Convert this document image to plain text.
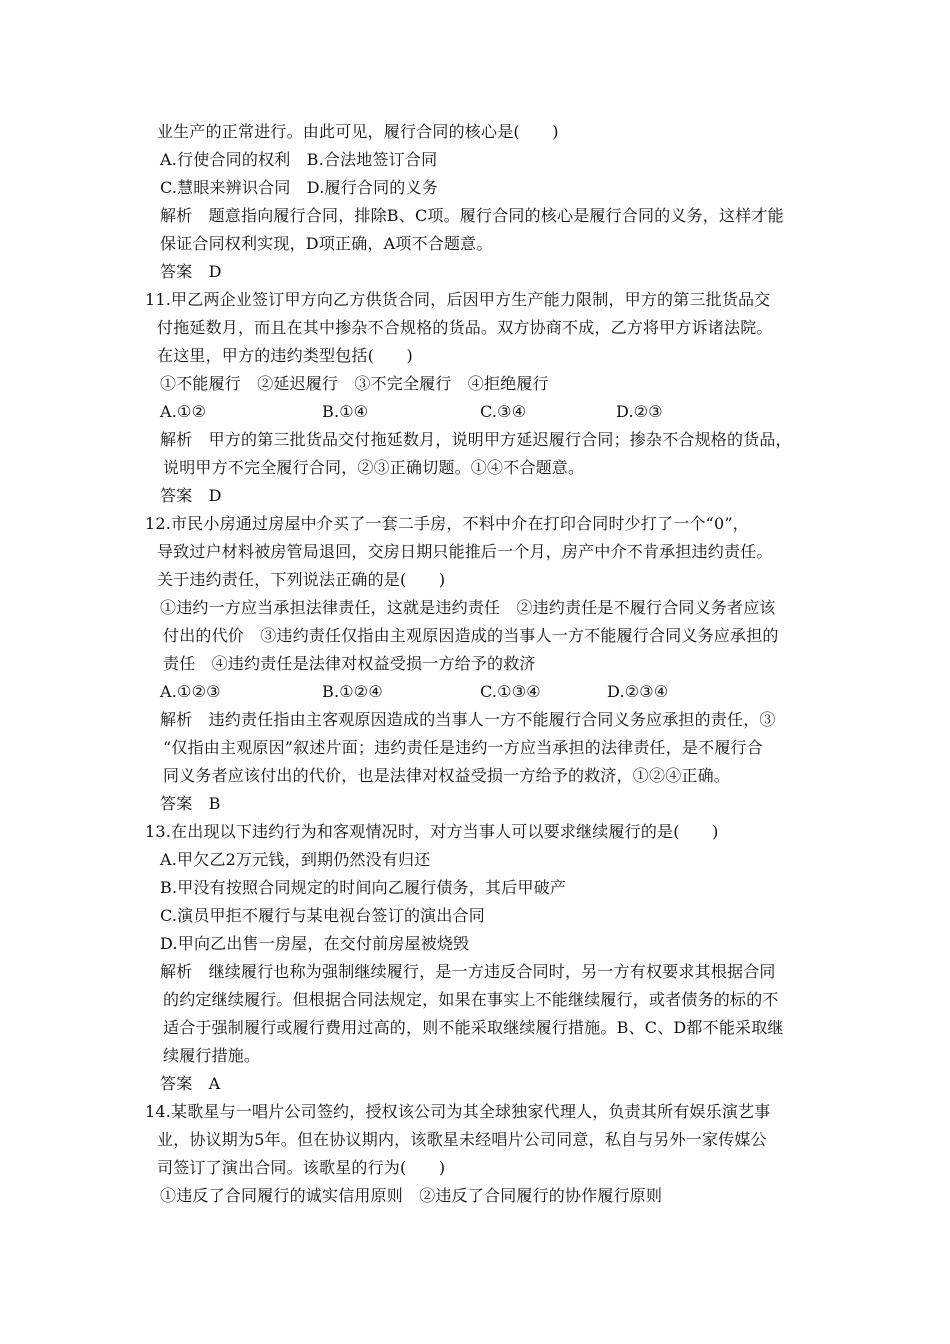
业生产的正常进行。由此可见，履行合同的核心是(　　)
A.行使合同的权利　B.合法地签订合同
C.慧眼来辨识合同　D.履行合同的义务
解析　题意指向履行合同，排除B、C项。履行合同的核心是履行合同的义务，这样才能
保证合同权利实现，D项正确，A项不合题意。
答案　D
11.甲乙两企业签订甲方向乙方供货合同，后因甲方生产能力限制，甲方的第三批货品交
付拖延数月，而且在其中掺杂不合规格的货品。双方协商不成，乙方将甲方诉诸法院。
在这里，甲方的违约类型包括(　　)
①不能履行　②延迟履行　③不完全履行　④拒绝履行
A.①②	B.①④	C.③④	D.②③
解析　甲方的第三批货品交付拖延数月，说明甲方延迟履行合同；掺杂不合规格的货品，
说明甲方不完全履行合同，②③正确切题。①④不合题意。
答案　D
12.市民小房通过房屋中介买了一套二手房，不料中介在打印合同时少打了一个“0”，
导致过户材料被房管局退回，交房日期只能推后一个月，房产中介不肯承担违约责任。
关于违约责任，下列说法正确的是(　　)
①违约一方应当承担法律责任，这就是违约责任　②违约责任是不履行合同义务者应该
付出的代价　③违约责任仅指由主观原因造成的当事人一方不能履行合同义务应承担的
责任　④违约责任是法律对权益受损一方给予的救济
A.①②③	B.①②④	C.①③④	D.②③④
解析　违约责任指由主客观原因造成的当事人一方不能履行合同义务应承担的责任，③
“仅指由主观原因”叙述片面；违约责任是违约一方应当承担的法律责任，是不履行合
同义务者应该付出的代价，也是法律对权益受损一方给予的救济，①②④正确。
答案　B
13.在出现以下违约行为和客观情况时，对方当事人可以要求继续履行的是(　　)
A.甲欠乙2万元钱，到期仍然没有归还
B.甲没有按照合同规定的时间向乙履行债务，其后甲破产
C.演员甲拒不履行与某电视台签订的演出合同
D.甲向乙出售一房屋，在交付前房屋被烧毁
解析　继续履行也称为强制继续履行，是一方违反合同时，另一方有权要求其根据合同
的约定继续履行。但根据合同法规定，如果在事实上不能继续履行，或者债务的标的不
适合于强制履行或履行费用过高的，则不能采取继续履行措施。B、C、D都不能采取继
续履行措施。
答案　A
14.某歌星与一唱片公司签约，授权该公司为其全球独家代理人，负责其所有娱乐演艺事
业，协议期为5年。但在协议期内，该歌星未经唱片公司同意，私自与另外一家传媒公
司签订了演出合同。该歌星的行为(　　)
①违反了合同履行的诚实信用原则　②违反了合同履行的协作履行原则
